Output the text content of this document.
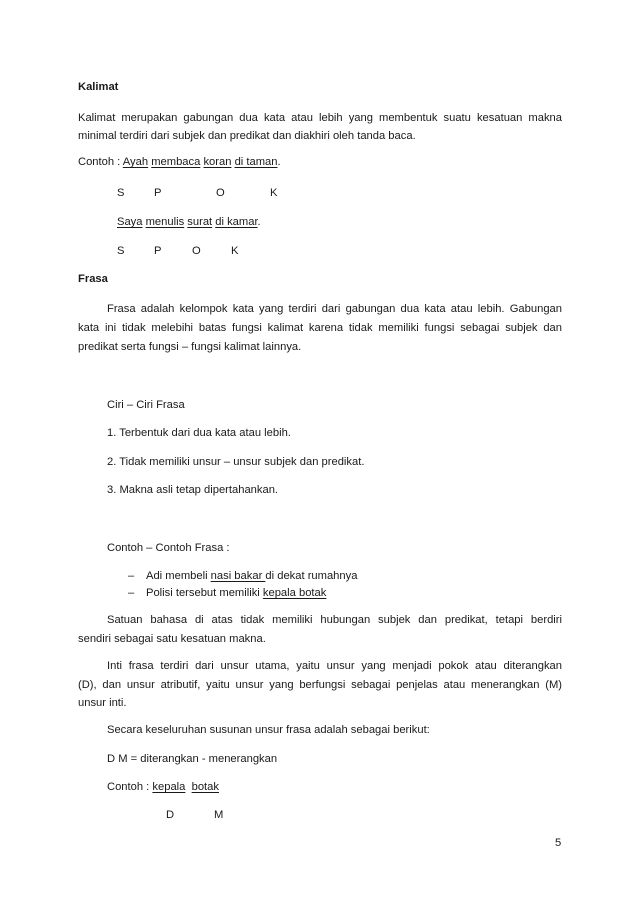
Kalimat
Kalimat merupakan gabungan dua kata atau lebih yang membentuk suatu kesatuan makna
minimal terdiri dari subjek dan predikat dan diakhiri oleh tanda baca.
Contoh : Ayah membaca koran di taman.
S	P	O	K
Saya menulis surat di kamar.
S	P	O	K
Frasa
Frasa adalah kelompok kata yang terdiri dari gabungan dua kata atau lebih. Gabungan
kata ini tidak melebihi batas fungsi kalimat karena tidak memiliki fungsi sebagai subjek dan
predikat serta fungsi – fungsi kalimat lainnya.
Ciri – Ciri Frasa
1. Terbentuk dari dua kata atau lebih.
2. Tidak memiliki unsur – unsur subjek dan predikat.
3. Makna asli tetap dipertahankan.
Contoh – Contoh Frasa :
– Adi membeli nasi bakar di dekat rumahnya
– Polisi tersebut memiliki kepala botak
Satuan bahasa di atas tidak memiliki hubungan subjek dan predikat, tetapi berdiri
sendiri sebagai satu kesatuan makna.
Inti frasa terdiri dari unsur utama, yaitu unsur yang menjadi pokok atau diterangkan
(D), dan unsur atributif, yaitu unsur yang berfungsi sebagai penjelas atau menerangkan (M)
unsur inti.
Secara keseluruhan susunan unsur frasa adalah sebagai berikut:
D M = diterangkan - menerangkan
Contoh : kepala botak
D	M
5
